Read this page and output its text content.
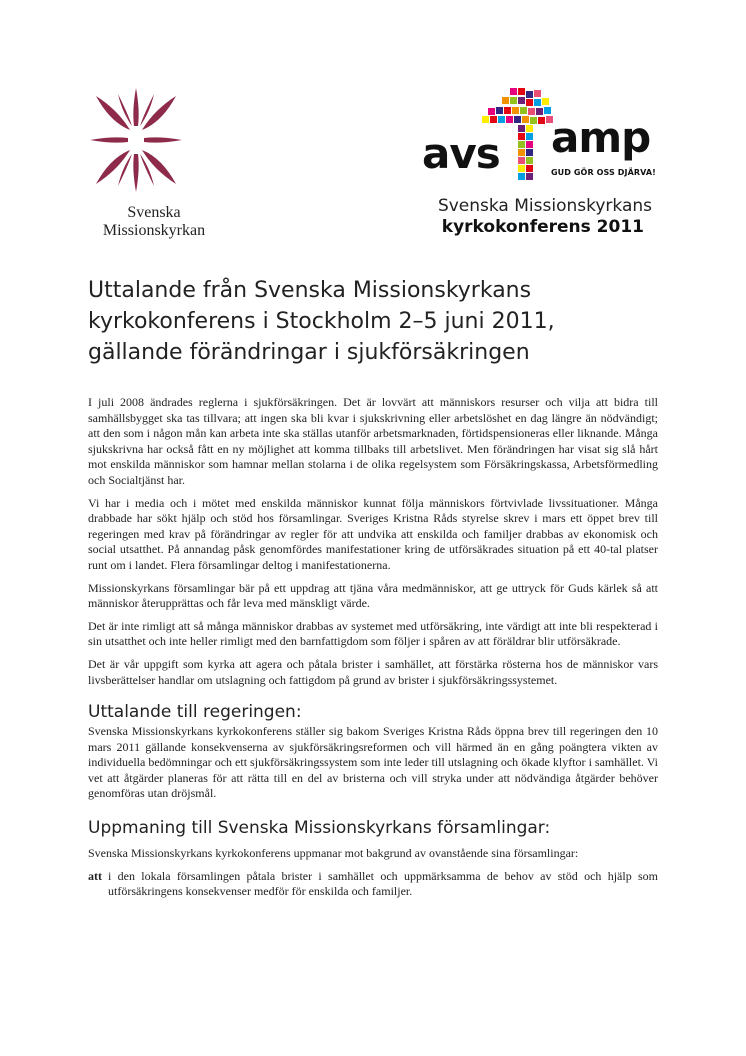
Svenska
Missionskyrkan
avs amp
GUD GÖR OSS DJÄRVA!
Svenska Missionskyrkans
kyrkokonferens 2011
Uttalande från Svenska Missionskyrkans
kyrkokonferens i Stockholm 2–5 juni 2011,
gällande förändringar i sjukförsäkringen

I juli 2008 ändrades reglerna i sjukförsäkringen. Det är lovvärt att människors resurser och vilja att bidra till samhällsbygget ska tas tillvara; att ingen ska bli kvar i sjukskrivning eller arbetslöshet en dag längre än nödvändigt; att den som i någon mån kan arbeta inte ska ställas utanför arbetsmarknaden, förtidspensioneras eller liknande. Många sjukskrivna har också fått en ny möjlighet att komma tillbaks till arbetslivet. Men förändringen har visat sig slå hårt mot enskilda människor som hamnar mellan stolarna i de olika regelsystem som Försäkringskassa, Arbetsförmedling och Socialtjänst har.

Vi har i media och i mötet med enskilda människor kunnat följa människors förtvivlade livssituationer. Många drabbade har sökt hjälp och stöd hos församlingar. Sveriges Kristna Råds styrelse skrev i mars ett öppet brev till regeringen med krav på förändringar av regler för att undvika att enskilda och familjer drabbas av ekonomisk och social utsatthet. På annandag påsk genomfördes manifestationer kring de utförsäkrades situation på ett 40-tal platser runt om i landet. Flera församlingar deltog i manifestationerna.

Missionskyrkans församlingar bär på ett uppdrag att tjäna våra medmänniskor, att ge uttryck för Guds kärlek så att människor återupprättas och får leva med mänskligt värde.

Det är inte rimligt att så många människor drabbas av systemet med utförsäkring, inte värdigt att inte bli respekterad i sin utsatthet och inte heller rimligt med den barnfattigdom som följer i spåren av att föräldrar blir utförsäkrade.

Det är vår uppgift som kyrka att agera och påtala brister i samhället, att förstärka rösterna hos de människor vars livsberättelser handlar om utslagning och fattigdom på grund av brister i sjukförsäkringssystemet.

Uttalande till regeringen:

Svenska Missionskyrkans kyrkokonferens ställer sig bakom Sveriges Kristna Råds öppna brev till regeringen den 10 mars 2011 gällande konsekvenserna av sjukförsäkringsreformen och vill härmed än en gång poängtera vikten av individuella bedömningar och ett sjukförsäkringssystem som inte leder till utslagning och ökade klyftor i samhället. Vi vet att åtgärder planeras för att rätta till en del av bristerna och vill stryka under att nödvändiga åtgärder behöver genomföras utan dröjsmål.

Uppmaning till Svenska Missionskyrkans församlingar:

Svenska Missionskyrkans kyrkokonferens uppmanar mot bakgrund av ovanstående sina församlingar:

att i den lokala församlingen påtala brister i samhället och uppmärksamma de behov av stöd och hjälp som utförsäkringens konsekvenser medför för enskilda och familjer.
